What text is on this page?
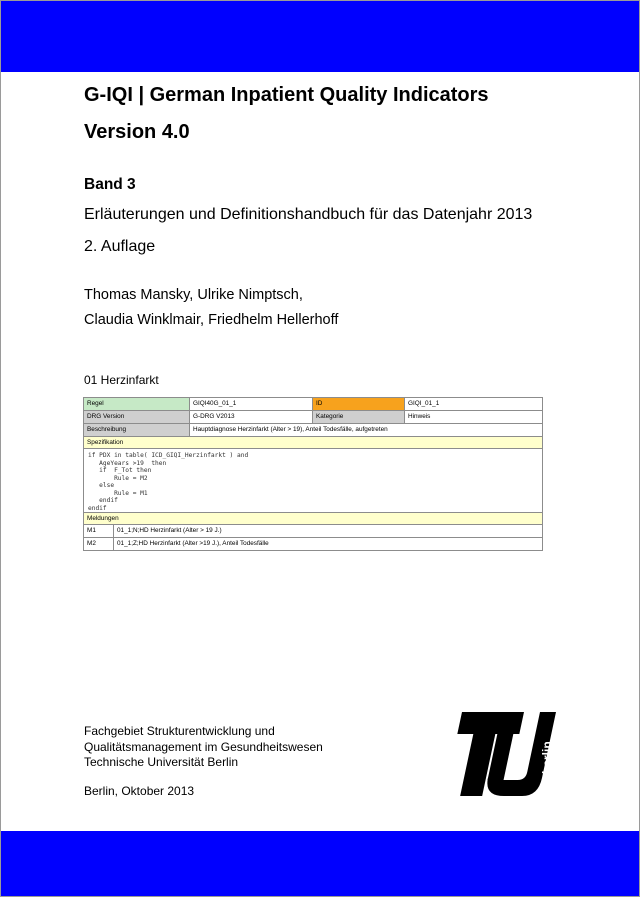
G-IQI | German Inpatient Quality Indicators
Version 4.0
Band 3
Erläuterungen und Definitionshandbuch für das Datenjahr 2013
2. Auflage
Thomas Mansky, Ulrike Nimptsch,
Claudia Winklmair, Friedhelm Hellerhoff
01 Herzinfarkt
Regel	GIQI40G_01_1	ID	GIQI_01_1
DRG Version	G-DRG V2013	Kategorie	Hinweis
Beschreibung	Hauptdiagnose Herzinfarkt (Alter > 19), Anteil Todesfälle, aufgetreten
Spezifikation
if PDX in table( ICD_GIQI_Herzinfarkt ) and
AgeYears >19  then
if  F_Tot then
Rule = M2
else
Rule = M1
endif
endif
Meldungen
M1	01_1;N;HD Herzinfarkt (Alter > 19 J.)
M2	01_1;Z;HD Herzinfarkt (Alter >19 J.), Anteil Todesfälle
Fachgebiet Strukturentwicklung und
Qualitätsmanagement im Gesundheitswesen
Technische Universität Berlin
Berlin, Oktober 2013
berlin
